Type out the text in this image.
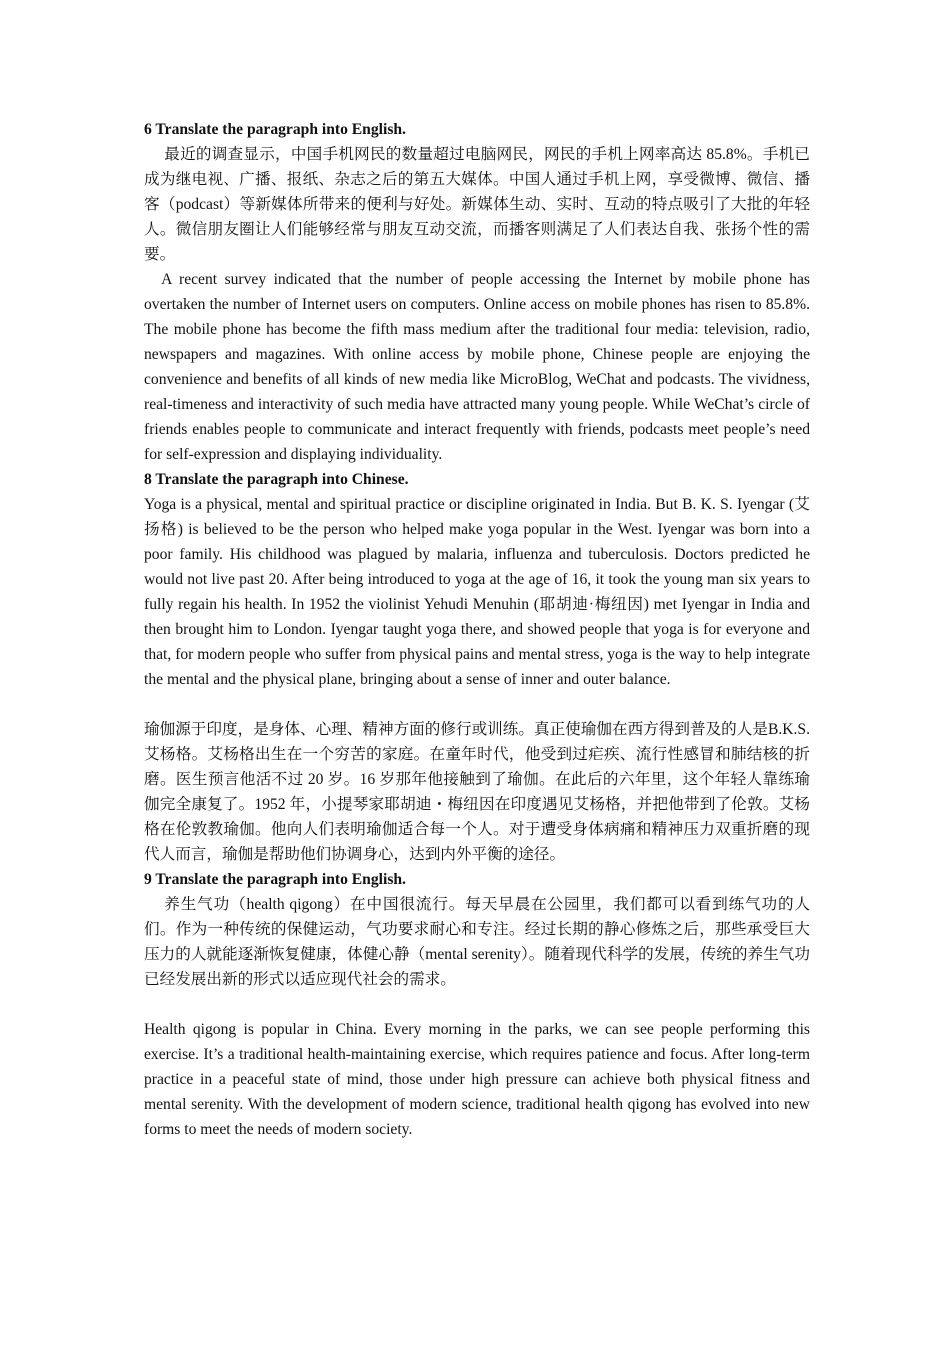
6 Translate the paragraph into English.

最近的调查显示，中国手机网民的数量超过电脑网民，网民的手机上网率高达 85.8%。手机已成为继电视、广播、报纸、杂志之后的第五大媒体。中国人通过手机上网，享受微博、微信、播客（podcast）等新媒体所带来的便利与好处。新媒体生动、实时、互动的特点吸引了大批的年轻人。微信朋友圈让人们能够经常与朋友互动交流，而播客则满足了人们表达自我、张扬个性的需要。

A recent survey indicated that the number of people accessing the Internet by mobile phone has overtaken the number of Internet users on computers. Online access on mobile phones has risen to 85.8%. The mobile phone has become the fifth mass medium after the traditional four media: television, radio, newspapers and magazines. With online access by mobile phone, Chinese people are enjoying the convenience and benefits of all kinds of new media like MicroBlog, WeChat and podcasts. The vividness, real-timeness and interactivity of such media have attracted many young people. While WeChat’s circle of friends enables people to communicate and interact frequently with friends, podcasts meet people’s need for self-expression and displaying individuality.

8 Translate the paragraph into Chinese.

Yoga is a physical, mental and spiritual practice or discipline originated in India. But B. K. S. Iyengar (艾扬格) is believed to be the person who helped make yoga popular in the West. Iyengar was born into a poor family. His childhood was plagued by malaria, influenza and tuberculosis. Doctors predicted he would not live past 20. After being introduced to yoga at the age of 16, it took the young man six years to fully regain his health. In 1952 the violinist Yehudi Menuhin (耶胡迪·梅纽因) met Iyengar in India and then brought him to London. Iyengar taught yoga there, and showed people that yoga is for everyone and that, for modern people who suffer from physical pains and mental stress, yoga is the way to help integrate the mental and the physical plane, bringing about a sense of inner and outer balance.

瑜伽源于印度，是身体、心理、精神方面的修行或训练。真正使瑜伽在西方得到普及的人是B.K.S.艾杨格。艾杨格出生在一个穷苦的家庭。在童年时代，他受到过疟疾、流行性感冒和肺结核的折磨。医生预言他活不过 20 岁。16 岁那年他接触到了瑜伽。在此后的六年里，这个年轻人靠练瑜伽完全康复了。1952 年，小提琴家耶胡迪・梅纽因在印度遇见艾杨格，并把他带到了伦敦。艾杨格在伦敦教瑜伽。他向人们表明瑜伽适合每一个人。对于遭受身体病痛和精神压力双重折磨的现代人而言，瑜伽是帮助他们协调身心，达到内外平衡的途径。

9 Translate the paragraph into English.

养生气功（health qigong）在中国很流行。每天早晨在公园里，我们都可以看到练气功的人们。作为一种传统的保健运动，气功要求耐心和专注。经过长期的静心修炼之后，那些承受巨大压力的人就能逐渐恢复健康，体健心静（mental serenity）。随着现代科学的发展，传统的养生气功已经发展出新的形式以适应现代社会的需求。

Health qigong is popular in China. Every morning in the parks, we can see people performing this exercise. It’s a traditional health-maintaining exercise, which requires patience and focus. After long-term practice in a peaceful state of mind, those under high pressure can achieve both physical fitness and mental serenity. With the development of modern science, traditional health qigong has evolved into new forms to meet the needs of modern society.
